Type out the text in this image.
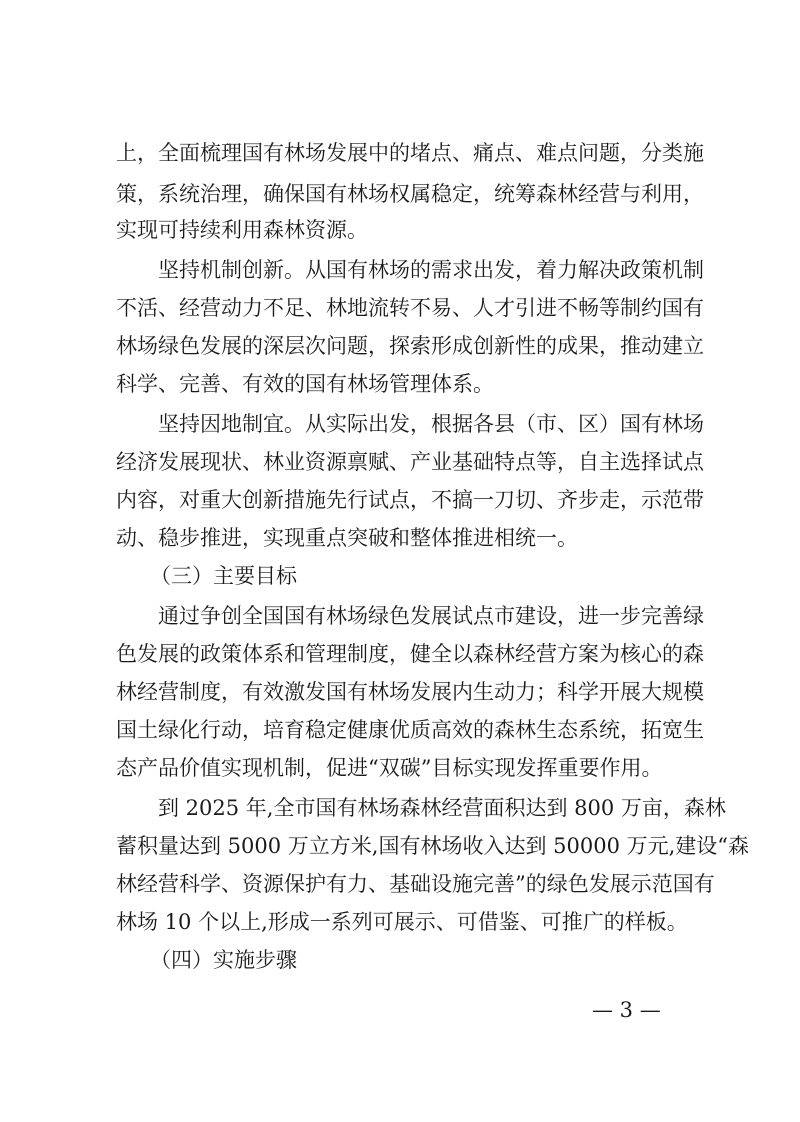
上，全面梳理国有林场发展中的堵点、痛点、难点问题，分类施
策，系统治理，确保国有林场权属稳定，统筹森林经营与利用，
实现可持续利用森林资源。
坚持机制创新。从国有林场的需求出发，着力解决政策机制
不活、经营动力不足、林地流转不易、人才引进不畅等制约国有
林场绿色发展的深层次问题，探索形成创新性的成果，推动建立
科学、完善、有效的国有林场管理体系。
坚持因地制宜。从实际出发，根据各县（市、区）国有林场
经济发展现状、林业资源禀赋、产业基础特点等，自主选择试点
内容，对重大创新措施先行试点，不搞一刀切、齐步走，示范带
动、稳步推进，实现重点突破和整体推进相统一。
（三）主要目标
通过争创全国国有林场绿色发展试点市建设，进一步完善绿
色发展的政策体系和管理制度，健全以森林经营方案为核心的森
林经营制度，有效激发国有林场发展内生动力；科学开展大规模
国土绿化行动，培育稳定健康优质高效的森林生态系统，拓宽生
态产品价值实现机制，促进“双碳”目标实现发挥重要作用。
到 2025 年,全市国有林场森林经营面积达到 800 万亩，森林
蓄积量达到 5000 万立方米,国有林场收入达到 50000 万元,建设“森
林经营科学、资源保护有力、基础设施完善”的绿色发展示范国有
林场 10 个以上,形成一系列可展示、可借鉴、可推广的样板。
（四）实施步骤
— 3 —
